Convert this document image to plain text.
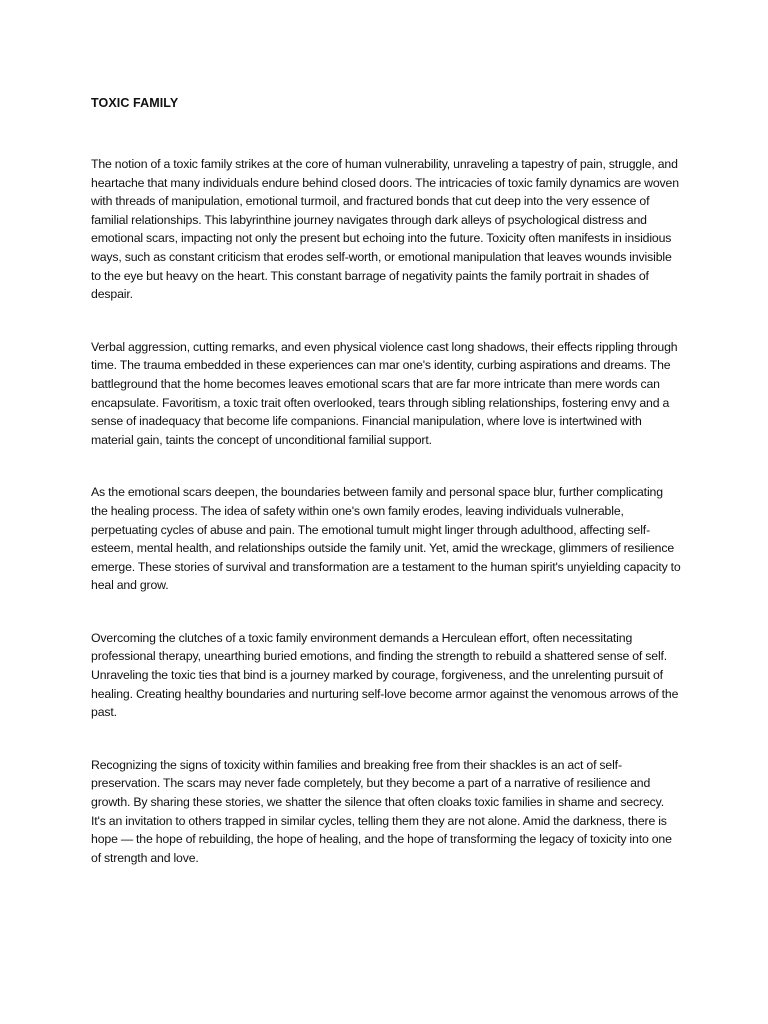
TOXIC FAMILY

The notion of a toxic family strikes at the core of human vulnerability, unraveling a tapestry of pain, struggle, and heartache that many individuals endure behind closed doors. The intricacies of toxic family dynamics are woven with threads of manipulation, emotional turmoil, and fractured bonds that cut deep into the very essence of familial relationships. This labyrinthine journey navigates through dark alleys of psychological distress and emotional scars, impacting not only the present but echoing into the future. Toxicity often manifests in insidious ways, such as constant criticism that erodes self-worth, or emotional manipulation that leaves wounds invisible to the eye but heavy on the heart. This constant barrage of negativity paints the family portrait in shades of despair.

Verbal aggression, cutting remarks, and even physical violence cast long shadows, their effects rippling through time. The trauma embedded in these experiences can mar one's identity, curbing aspirations and dreams. The battleground that the home becomes leaves emotional scars that are far more intricate than mere words can encapsulate. Favoritism, a toxic trait often overlooked, tears through sibling relationships, fostering envy and a sense of inadequacy that become life companions. Financial manipulation, where love is intertwined with material gain, taints the concept of unconditional familial support.

As the emotional scars deepen, the boundaries between family and personal space blur, further complicating the healing process. The idea of safety within one's own family erodes, leaving individuals vulnerable, perpetuating cycles of abuse and pain. The emotional tumult might linger through adulthood, affecting self-esteem, mental health, and relationships outside the family unit. Yet, amid the wreckage, glimmers of resilience emerge. These stories of survival and transformation are a testament to the human spirit's unyielding capacity to heal and grow.

Overcoming the clutches of a toxic family environment demands a Herculean effort, often necessitating professional therapy, unearthing buried emotions, and finding the strength to rebuild a shattered sense of self. Unraveling the toxic ties that bind is a journey marked by courage, forgiveness, and the unrelenting pursuit of healing. Creating healthy boundaries and nurturing self-love become armor against the venomous arrows of the past.

Recognizing the signs of toxicity within families and breaking free from their shackles is an act of self-preservation. The scars may never fade completely, but they become a part of a narrative of resilience and growth. By sharing these stories, we shatter the silence that often cloaks toxic families in shame and secrecy. It's an invitation to others trapped in similar cycles, telling them they are not alone. Amid the darkness, there is hope — the hope of rebuilding, the hope of healing, and the hope of transforming the legacy of toxicity into one of strength and love.
